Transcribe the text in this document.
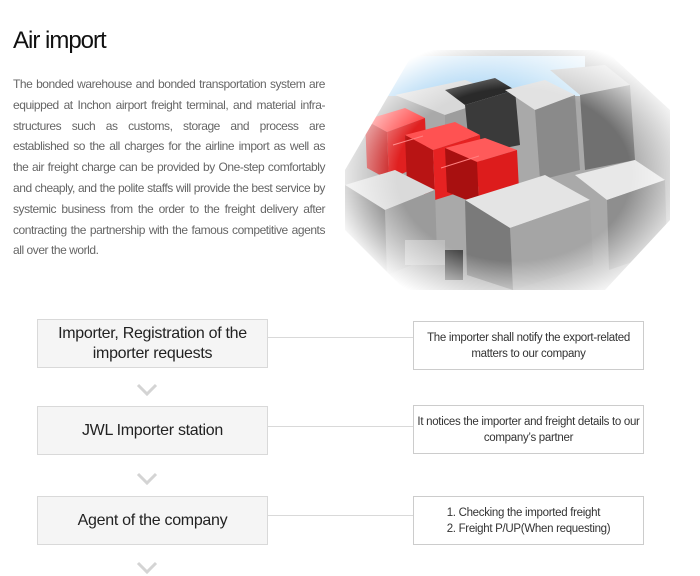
Air import

The bonded warehouse and bonded transportation system are equipped at Inchon airport freight terminal, and material infra-structures such as customs, storage and process are established so the all charges for the airline import as well as the air freight charge can be provided by One-step comfortably and cheaply, and the polite staffs will provide the best service by systemic business from the order to the freight delivery after contracting the partnership with the famous competitive agents all over the world.

Importer, Registration of the importer requests
The importer shall notify the export-related matters to our company
JWL Importer station	It notices the importer and freight details to our company’s partner
Agent of the company	1. Checking the imported freight
2. Freight P/UP(When requesting)
